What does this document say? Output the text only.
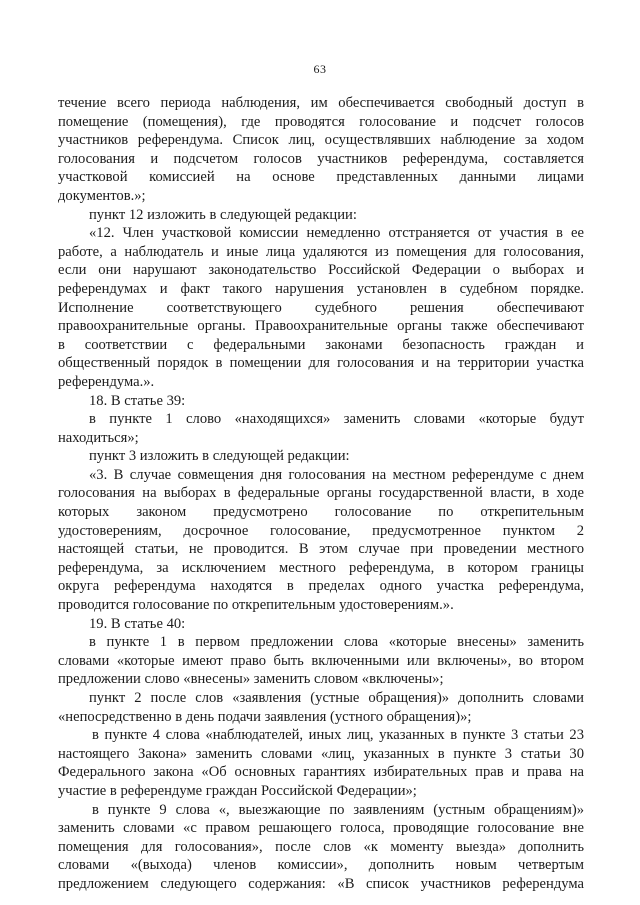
63
течение всего периода наблюдения, им обеспечивается свободный доступ в
помещение (помещения), где проводятся голосование и подсчет голосов
участников референдума. Список лиц, осуществлявших наблюдение за ходом
голосования и подсчетом голосов участников референдума, составляется
участковой комиссией на основе представленных данными лицами
документов.»;
пункт 12 изложить в следующей редакции:
«12. Член участковой комиссии немедленно отстраняется от участия в ее
работе, а наблюдатель и иные лица удаляются из помещения для голосования,
если они нарушают законодательство Российской Федерации о выборах и
референдумах и факт такого нарушения установлен в судебном порядке.
Исполнение соответствующего судебного решения обеспечивают
правоохранительные органы. Правоохранительные органы также обеспечивают
в соответствии с федеральными законами безопасность граждан и
общественный порядок в помещении для голосования и на территории участка
референдума.».
18. В статье 39:
в пункте 1 слово «находящихся» заменить словами «которые будут
находиться»;
пункт 3 изложить в следующей редакции:
«3. В случае совмещения дня голосования на местном референдуме с днем
голосования на выборах в федеральные органы государственной власти, в ходе
которых законом предусмотрено голосование по открепительным
удостоверениям, досрочное голосование, предусмотренное пунктом 2
настоящей статьи, не проводится. В этом случае при проведении местного
референдума, за исключением местного референдума, в котором границы
округа референдума находятся в пределах одного участка референдума,
проводится голосование по открепительным удостоверениям.».
19. В статье 40:
в пункте 1 в первом предложении слова «которые внесены» заменить
словами «которые имеют право быть включенными или включены», во втором
предложении слово «внесены» заменить словом «включены»;
пункт 2 после слов «заявления (устные обращения)» дополнить словами
«непосредственно в день подачи заявления (устного обращения)»;
в пункте 4 слова «наблюдателей, иных лиц, указанных в пункте 3 статьи 23
настоящего Закона» заменить словами «лиц, указанных в пункте 3 статьи 30
Федерального закона «Об основных гарантиях избирательных прав и права на
участие в референдуме граждан Российской Федерации»;
в пункте 9 слова «, выезжающие по заявлениям (устным обращениям)»
заменить словами «с правом решающего голоса, проводящие голосование вне
помещения для голосования», после слов «к моменту выезда» дополнить
словами «(выхода) членов комиссии», дополнить новым четвертым
предложением следующего содержания: «В список участников референдума
